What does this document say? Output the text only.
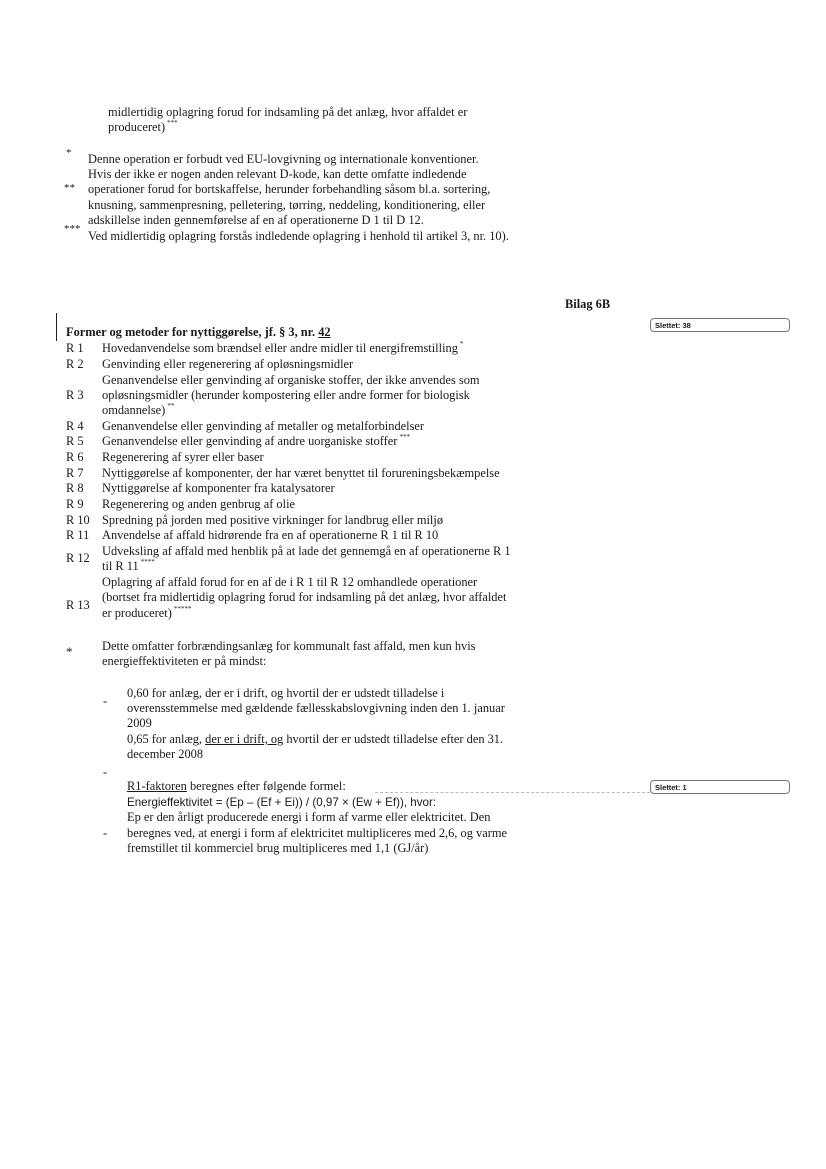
midlertidig oplagring forud for indsamling på det anlæg, hvor affaldet er
produceret) ***
*
**
***
Denne operation er forbudt ved EU-lovgivning og internationale konventioner.
Hvis der ikke er nogen anden relevant D-kode, kan dette omfatte indledende
operationer forud for bortskaffelse, herunder forbehandling såsom bl.a. sortering,
knusning, sammenpresning, pelletering, tørring, neddeling, konditionering, eller
adskillelse inden gennemførelse af en af operationerne D 1 til D 12.
Ved midlertidig oplagring forstås indledende oplagring i henhold til artikel 3, nr. 10).
Bilag 6B
Former og metoder for nyttiggørelse, jf. § 3, nr. 42	Slettet: 38
R 1	Hovedanvendelse som brændsel eller andre midler til energifremstilling *
R 2	Genvinding eller regenerering af opløsningsmidler
R 3
Genanvendelse eller genvinding af organiske stoffer, der ikke anvendes som
opløsningsmidler (herunder kompostering eller andre former for biologisk
omdannelse) **
R 4	Genanvendelse eller genvinding af metaller og metalforbindelser
R 5	Genanvendelse eller genvinding af andre uorganiske stoffer ***
R 6	Regenerering af syrer eller baser
R 7	Nyttiggørelse af komponenter, der har været benyttet til forureningsbekæmpelse
R 8	Nyttiggørelse af komponenter fra katalysatorer
R 9	Regenerering og anden genbrug af olie
R 10 Spredning på jorden med positive virkninger for landbrug eller miljø
R 11	Anvendelse af affald hidrørende fra en af operationerne R 1 til R 10
R 12 Udveksling af affald med henblik på at lade det gennemgå en af operationerne R 1
til R 11 ****
R 13
Oplagring af affald forud for en af de i R 1 til R 12 omhandlede operationer
(bortset fra midlertidig oplagring forud for indsamling på det anlæg, hvor affaldet
er produceret) *****
* Dette omfatter forbrændingsanlæg for kommunalt fast affald, men kun hvis
energieffektiviteten er på mindst:
-
0,60 for anlæg, der er i drift, og hvortil der er udstedt tilladelse i
overensstemmelse med gældende fællesskabslovgivning inden den 1. januar
2009
0,65 for anlæg, der er i drift, og hvortil der er udstedt tilladelse efter den 31.
december 2008
-
R1-faktoren beregnes efter følgende formel:	Slettet: 1
Energieffektivitet = (Ep – (Ef + Ei)) / (0,97 × (Ew + Ef)), hvor:
Ep er den årligt producerede energi i form af varme eller elektricitet. Den
- beregnes ved, at energi i form af elektricitet multipliceres med 2,6, og varme
fremstillet til kommerciel brug multipliceres med 1,1 (GJ/år)
